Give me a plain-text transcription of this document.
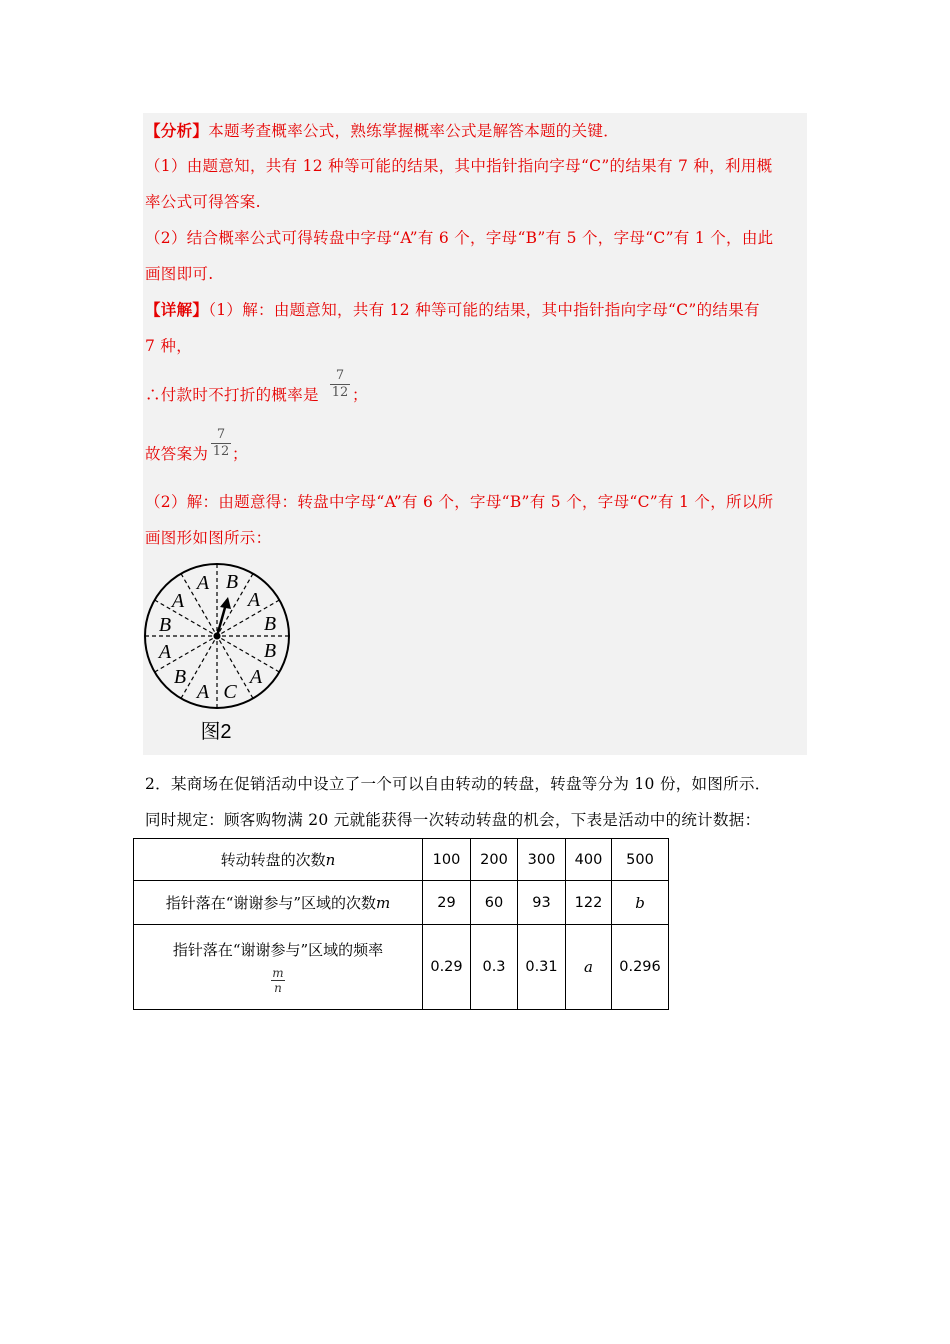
【分析】本题考查概率公式，熟练掌握概率公式是解答本题的关键．
（1）由题意知，共有 12 种等可能的结果，其中指针指向字母“C”的结果有 7 种，利用概
率公式可得答案.
（2）结合概率公式可得转盘中字母“A”有 6 个，字母“B”有 5 个，字母“C”有 1 个，由此
画图即可.
【详解】（1）解：由题意知，共有 12 种等可能的结果，其中指针指向字母“C”的结果有
7 种，
∴付款时不打折的概率是
7
12 ；
故答案为
7
12 ；
（2）解：由题意得：转盘中字母“A”有 6 个，字母“B”有 5 个，字母“C”有 1 个，所以所
画图形如图所示：
B
A
B
B
A
C
A
B
A
B
A
A
图2
2．某商场在促销活动中设立了一个可以自由转动的转盘，转盘等分为 10 份，如图所示．
同时规定：顾客购物满 20 元就能获得一次转动转盘的机会，下表是活动中的统计数据：
转动转盘的次数n	100	200	300	400	500
指针落在“谢谢参与”区域的次数m	29	60	93	122	b

指针落在“谢谢参与”区域的频率
$\frac{m}{n}$	0.29	0.3	0.31	a	0.296
